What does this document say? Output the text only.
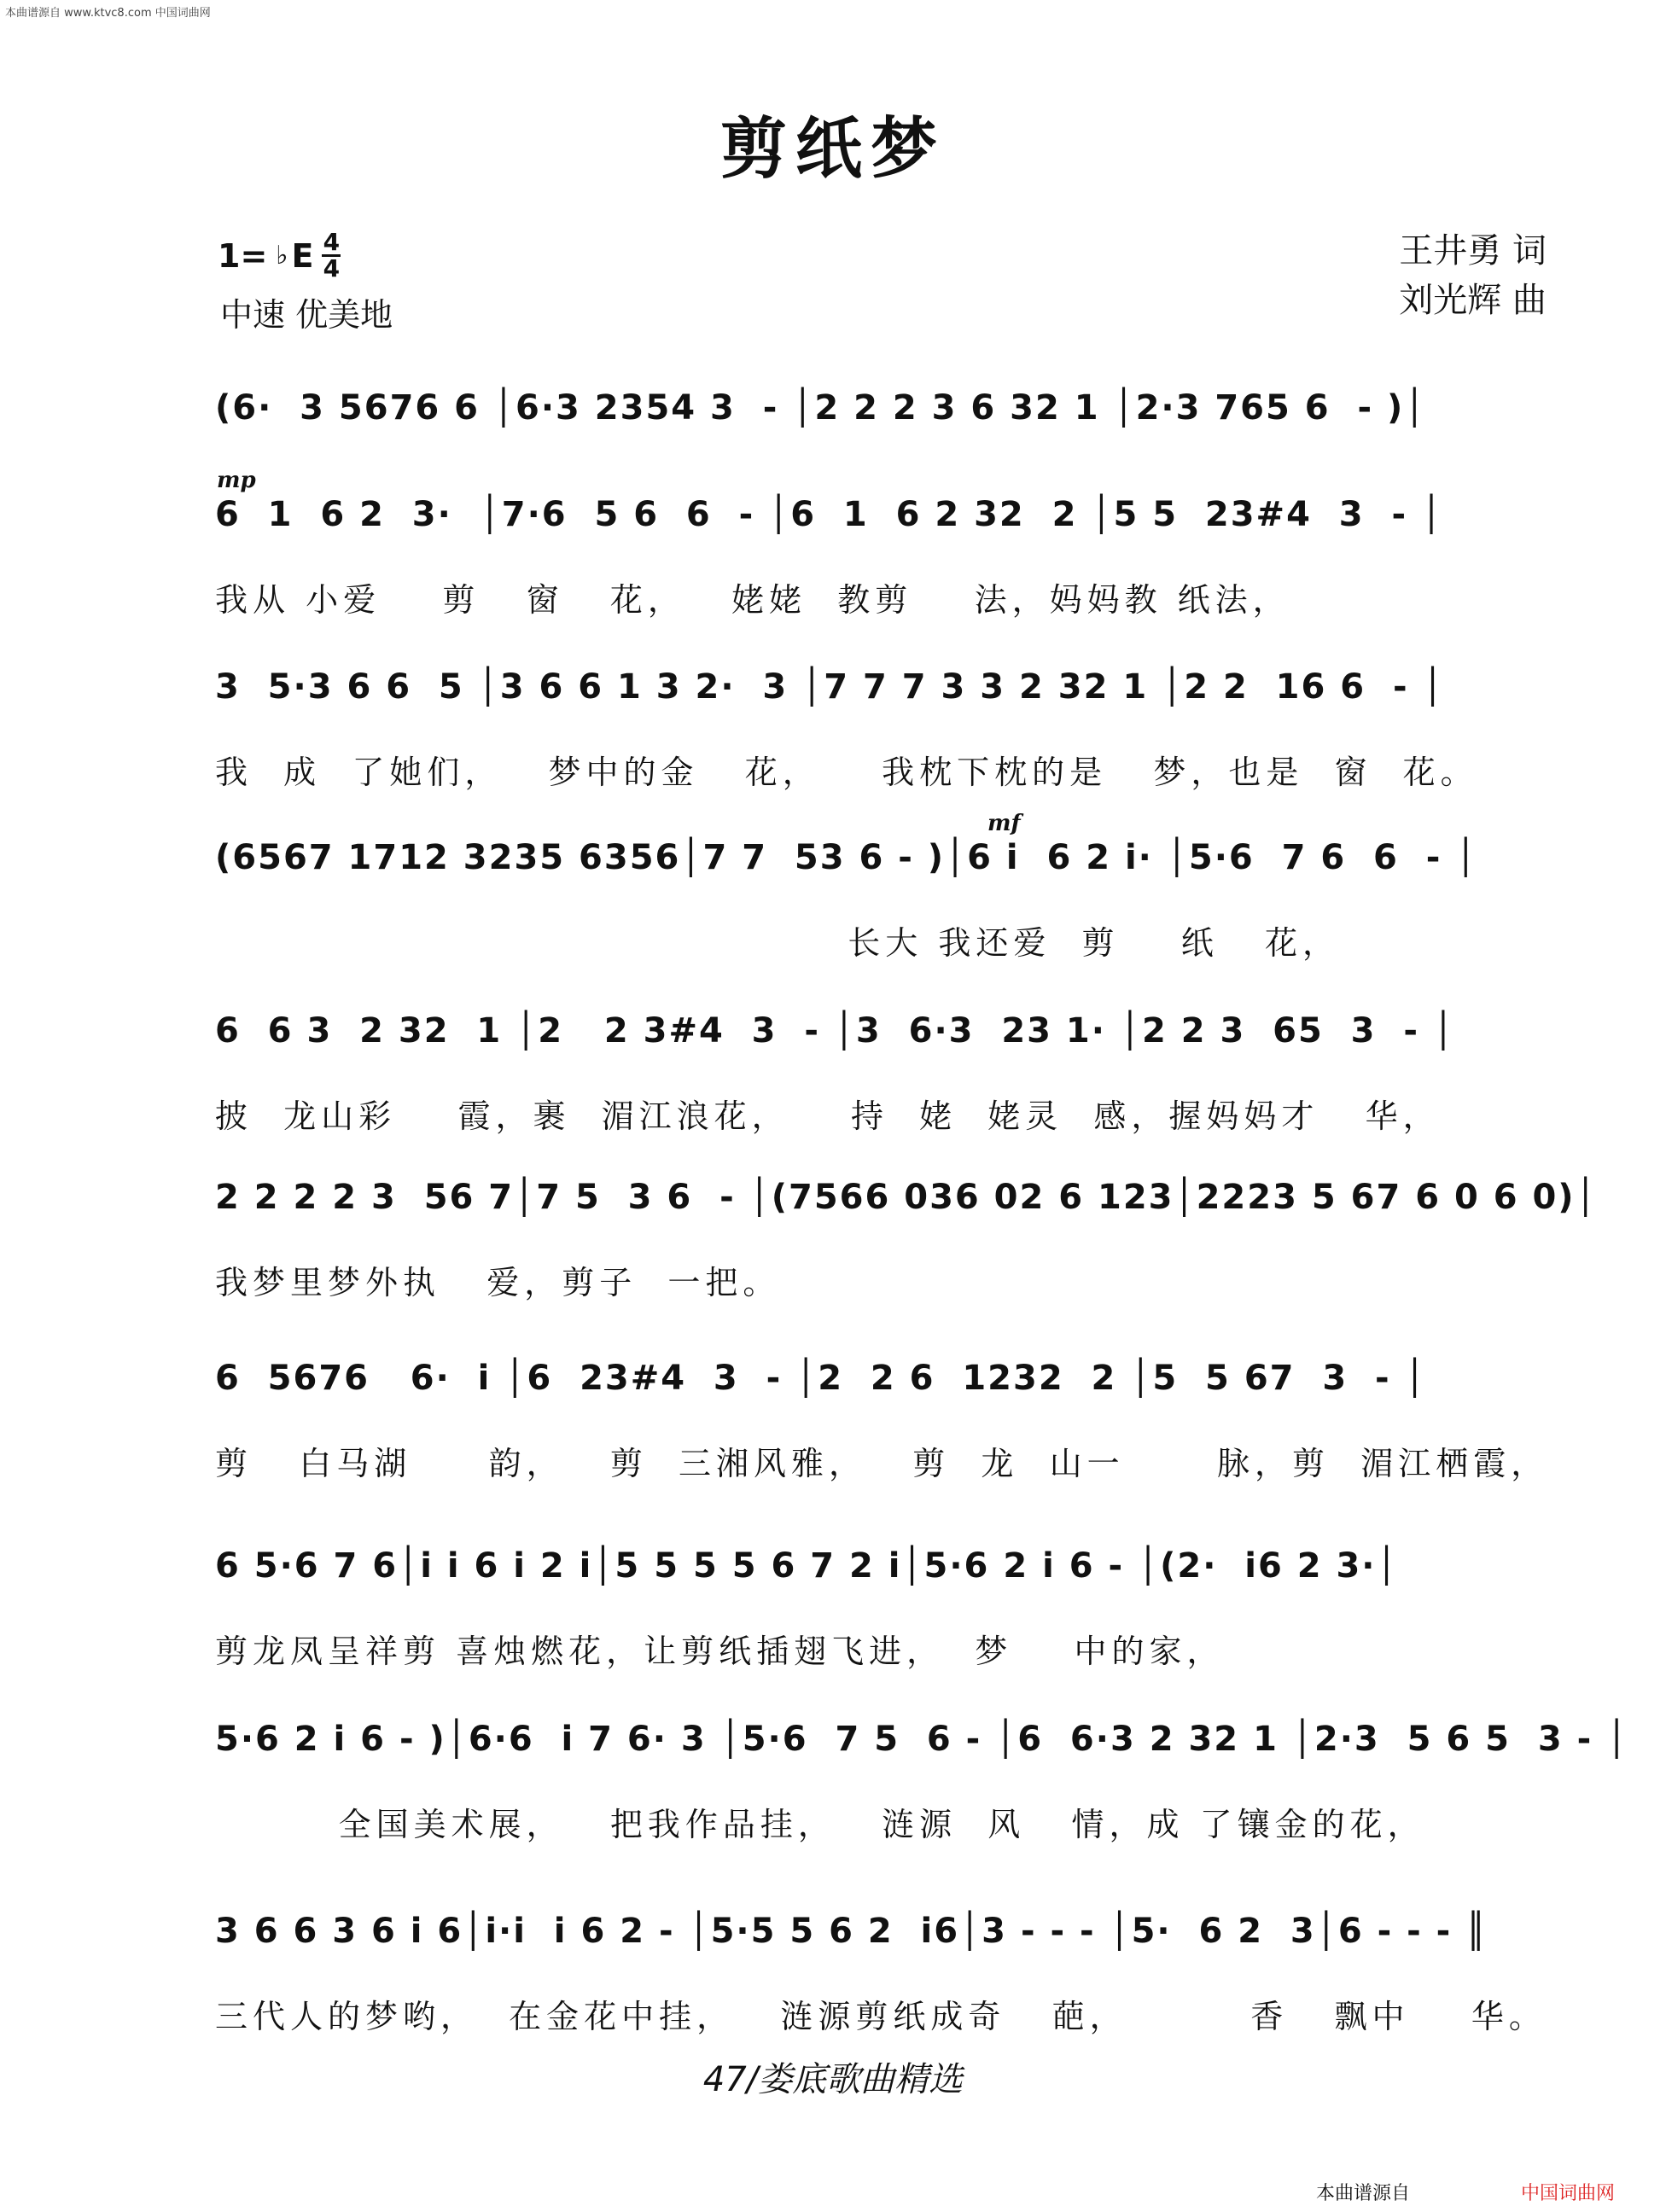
本曲谱源自 www.ktvc8.com 中国词曲网
剪纸梦
1= ♭ E 4
4
中速 优美地
王井勇 词
刘光辉 曲
(6·  3 5676 6 │6·3 2354 3  - │2 2 2 3 6 32 1 │2·3 765 6  - )│
mp
6  1  6 2  3·  │7·6  5 6  6  - │6  1  6 2 32  2 │5 5  23#4  3  - │
我从 小爱    剪   窗   花，   姥姥  教剪    法，妈妈教 纸法，
3  5·3 6 6  5 │3 6 6 1 3 2·  3 │7 7 7 3 3 2 32 1 │2 2  16 6  - │
我  成  了她们，   梦中的金   花，    我枕下枕的是   梦，也是  窗  花。
mf
(6567 1712 3235 6356│7 7  53 6 - )│6 i  6 2 i· │5·6  7 6  6  - │
长大 我还爱  剪    纸   花，
6  6 3  2 32  1 │2   2 3#4  3  - │3  6·3  23 1· │2 2 3  65  3  - │
披  龙山彩    霞，裹  湄江浪花，    持  姥  姥灵  感，握妈妈才   华，
2 2 2 2 3  56 7│7 5  3 6  - │(7566 036 02 6 123│2223 5 67 6 0 6 0)│
我梦里梦外执   爱，剪子  一把。
6  5676   6·  i │6  23#4  3  - │2  2 6  1232  2 │5  5 67  3  - │
剪   白马湖     韵，   剪  三湘风雅，   剪  龙  山一      脉，剪  湄江栖霞，
6 5·6 7 6│i i 6 i 2 i│5 5 5 5 6 7 2 i│5·6 2 i 6 - │(2·  i6 2 3·│
剪龙凤呈祥剪 喜烛燃花，让剪纸插翅飞进，  梦    中的家，
5·6 2 i 6 - )│6·6  i 7 6· 3 │5·6  7 5  6 - │6  6·3 2 32 1 │2·3  5 6 5  3 - │
全国美术展，   把我作品挂，   涟源  风   情，成 了镶金的花，
3 6 6 3 6 i 6│i·i  i 6 2 - │5·5 5 6 2  i6│3 - - - │5·  6 2  3│6 - - - ║
三代人的梦哟，  在金花中挂，   涟源剪纸成奇   葩，        香   飘中    华。
47/娄底歌曲精选
本曲谱源自	中国词曲网
